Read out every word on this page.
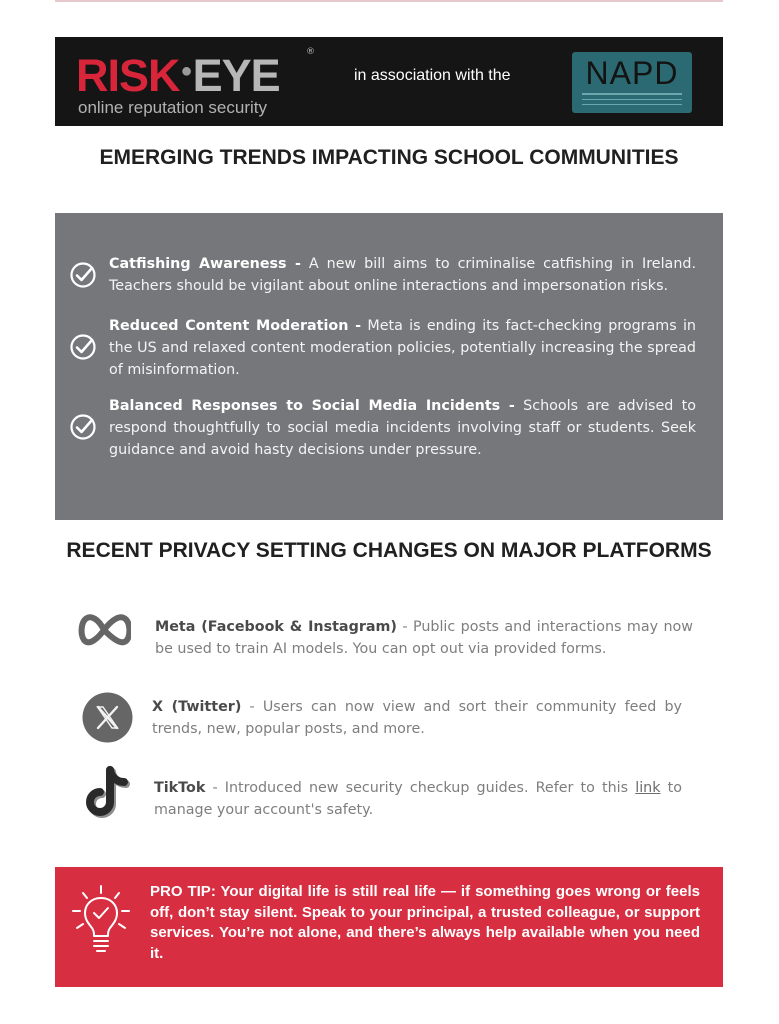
RISK●EYE	®
online reputation security
in association with the	NAPD
EMERGING TRENDS IMPACTING SCHOOL COMMUNITIES
Catfishing Awareness - A new bill aims to criminalise catfishing in Ireland. Teachers should be vigilant about online interactions and impersonation risks.
Reduced Content Moderation - Meta is ending its fact-checking programs in the US and relaxed content moderation policies, potentially increasing the spread of misinformation.
Balanced Responses to Social Media Incidents - Schools are advised to respond thoughtfully to social media incidents involving staff or students. Seek guidance and avoid hasty decisions under pressure.
RECENT PRIVACY SETTING CHANGES ON MAJOR PLATFORMS
Meta (Facebook & Instagram) - Public posts and interactions may now be used to train AI models. You can opt out via provided forms.
X (Twitter) - Users can now view and sort their community feed by trends, new, popular posts, and more.
TikTok - Introduced new security checkup guides. Refer to this link to manage your account's safety.
PRO TIP: Your digital life is still real life — if something goes wrong or feels off, don’t stay silent. Speak to your principal, a trusted colleague, or support services. You’re not alone, and there’s always help available when you need it.
